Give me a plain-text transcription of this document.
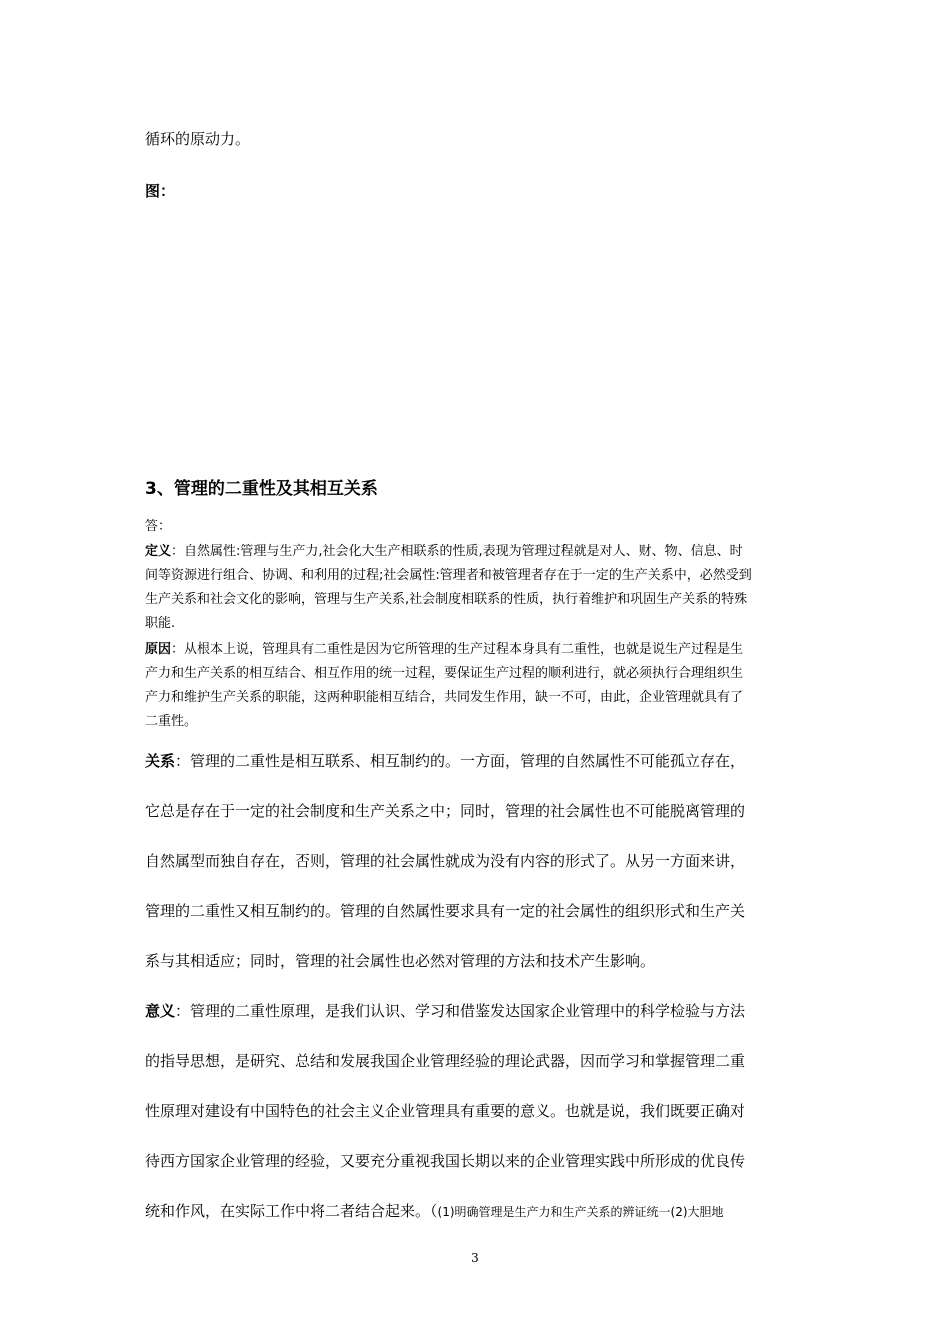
循环的原动力。

图：

3、管理的二重性及其相互关系

答：

定义：自然属性:管理与生产力,社会化大生产相联系的性质,表现为管理过程就是对人、财、物、信息、时

间等资源进行组合、协调、和利用的过程;社会属性:管理者和被管理者存在于一定的生产关系中，必然受到

生产关系和社会文化的影响，管理与生产关系,社会制度相联系的性质，执行着维护和巩固生产关系的特殊

职能.

原因：从根本上说，管理具有二重性是因为它所管理的生产过程本身具有二重性，也就是说生产过程是生

产力和生产关系的相互结合、相互作用的统一过程，要保证生产过程的顺利进行，就必须执行合理组织生

产力和维护生产关系的职能，这两种职能相互结合，共同发生作用，缺一不可，由此，企业管理就具有了

二重性。

关系：管理的二重性是相互联系、相互制约的。一方面，管理的自然属性不可能孤立存在，

它总是存在于一定的社会制度和生产关系之中；同时，管理的社会属性也不可能脱离管理的

自然属型而独自存在，否则，管理的社会属性就成为没有内容的形式了。从另一方面来讲，

管理的二重性又相互制约的。管理的自然属性要求具有一定的社会属性的组织形式和生产关

系与其相适应；同时，管理的社会属性也必然对管理的方法和技术产生影响。

意义：管理的二重性原理，是我们认识、学习和借鉴发达国家企业管理中的科学检验与方法

的指导思想，是研究、总结和发展我国企业管理经验的理论武器，因而学习和掌握管理二重

性原理对建设有中国特色的社会主义企业管理具有重要的意义。也就是说，我们既要正确对

待西方国家企业管理的经验，又要充分重视我国长期以来的企业管理实践中所形成的优良传

统和作风，在实际工作中将二者结合起来。（(1)明确管理是生产力和生产关系的辨证统一(2)大胆地

3
